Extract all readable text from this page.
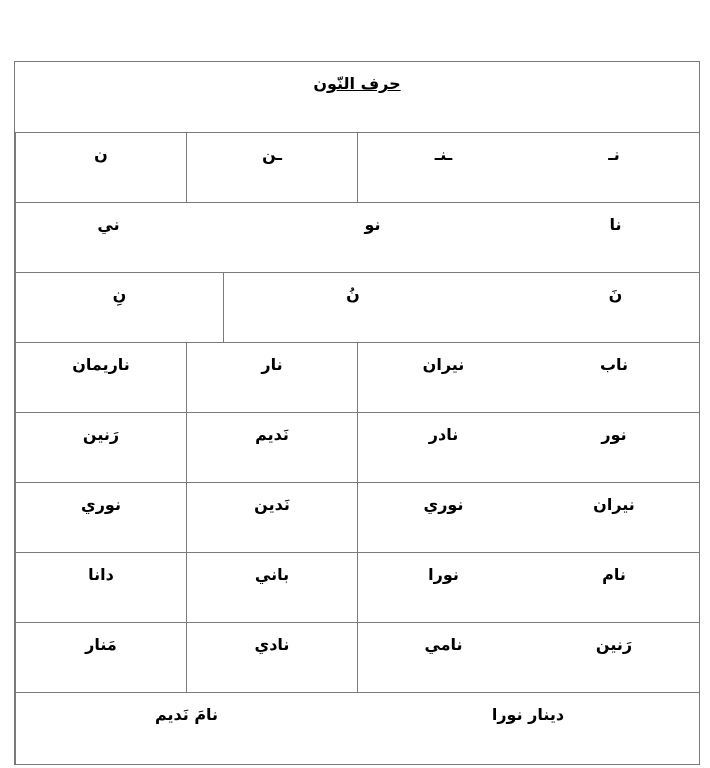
حرف النّون
نـ
ـنـ
ـن
ن
نا
نو
ني
نَ
نُ
نِ
ناب
نيران
نار
ناريمان
نور
نادر
نَديم
رَنين
نيران
نوري
نَدين
نوري
نام
نورا
باني
دانا
رَنين
نامي
نادي
مَنار
دينار نورا
نامَ نَديم
